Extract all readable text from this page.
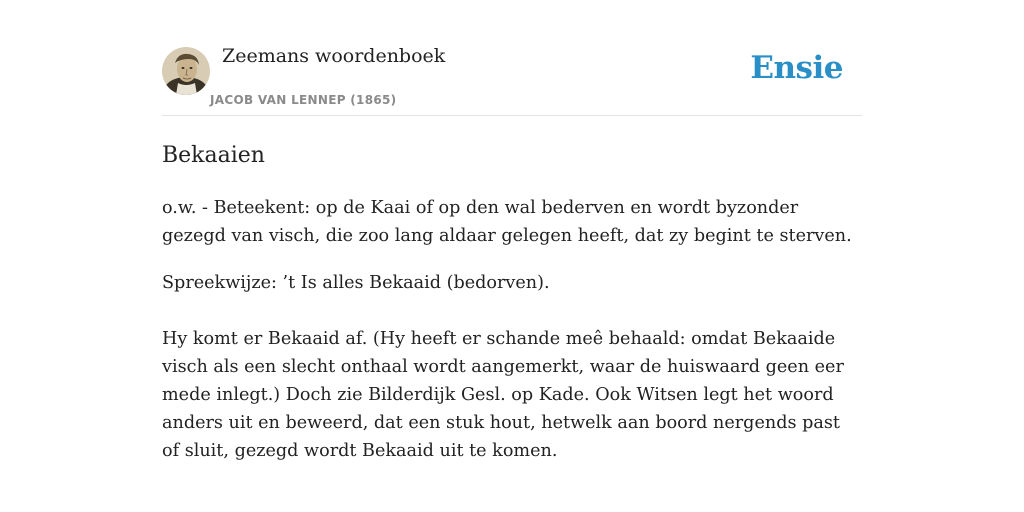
Zeemans woordenboek
JACOB VAN LENNEP (1865)
Ensie
Bekaaien

o.w. - Beteekent: op de Kaai of op den wal bederven en wordt byzonder gezegd van visch, die zoo lang aldaar gelegen heeft, dat zy begint te sterven.

Spreekwijze: ’t Is alles Bekaaid (bedorven).

Hy komt er Bekaaid af. (Hy heeft er schande meê behaald: omdat Bekaaide visch als een slecht onthaal wordt aangemerkt, waar de huiswaard geen eer mede inlegt.) Doch zie Bilderdijk Gesl. op Kade. Ook Witsen legt het woord anders uit en beweerd, dat een stuk hout, hetwelk aan boord nergends past of sluit, gezegd wordt Bekaaid uit te komen.
